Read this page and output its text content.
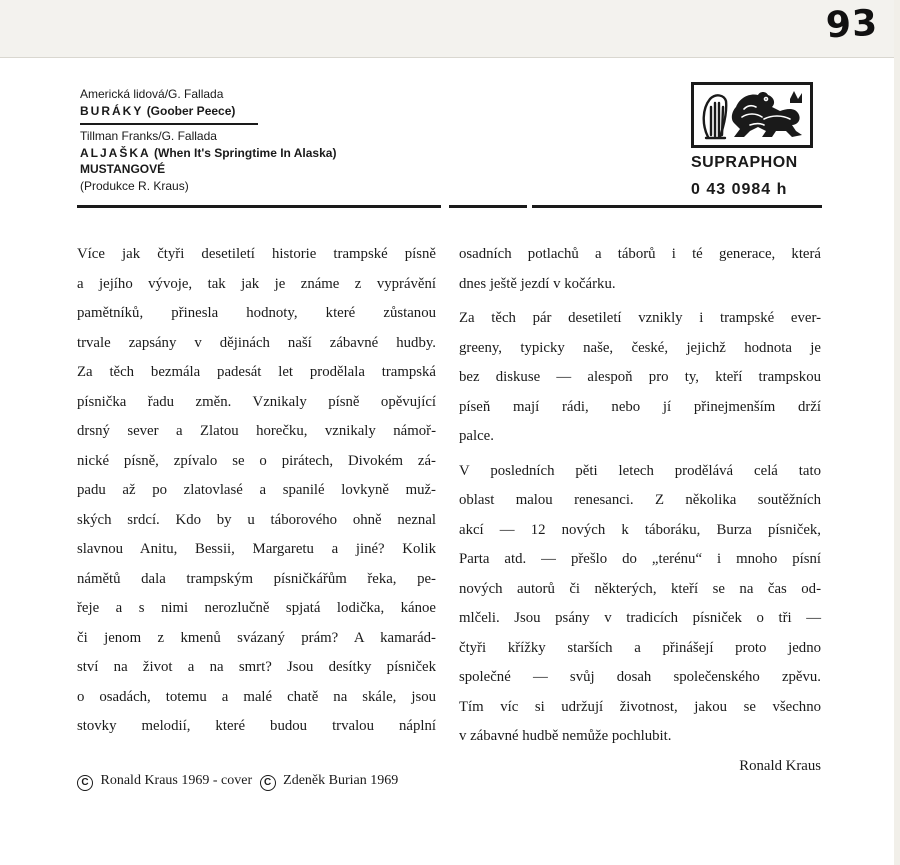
93
Americká lidová/G. Fallada
BURÁKY (Goober Peece)
Tillman Franks/G. Fallada
ALJAŠKA (When It's Springtime In Alaska)
MUSTANGOVÉ
(Produkce R. Kraus)
SUPRAPHON
0 43 0984 h
Více jak čtyři desetiletí historie trampské písně
a jejího vývoje, tak jak je známe z vyprávění
pamětníků, přinesla hodnoty, které zůstanou
trvale zapsány v dějinách naší zábavné hudby.
Za těch bezmála padesát let prodělala trampská
písnička řadu změn. Vznikaly písně opěvující
drsný sever a Zlatou horečku, vznikaly námoř-
nické písně, zpívalo se o pirátech, Divokém zá-
padu až po zlatovlasé a spanilé lovkyně muž-
ských srdcí. Kdo by u táborového ohně neznal
slavnou Anitu, Bessii, Margaretu a jiné? Kolik
námětů dala trampským písničkářům řeka, pe-
řeje a s nimi nerozlučně spjatá lodička, kánoe
či jenom z kmenů svázaný prám? A kamarád-
ství na život a na smrt? Jsou desítky písniček
o osadách, totemu a malé chatě na skále, jsou
stovky melodií, které budou trvalou náplní
osadních potlachů a táborů i té generace, která
dnes ještě jezdí v kočárku.
Za těch pár desetiletí vznikly i trampské ever-
greeny, typicky naše, české, jejichž hodnota je
bez diskuse — alespoň pro ty, kteří trampskou
píseň mají rádi, nebo jí přinejmenším drží
palce.
V posledních pěti letech prodělává celá tato
oblast malou renesanci. Z několika soutěžních
akcí — 12 nových k táboráku, Burza písniček,
Parta atd. — přešlo do „terénu“ i mnoho písní
nových autorů či některých, kteří se na čas od-
mlčeli. Jsou psány v tradicích písniček o tři —
čtyři křížky starších a přinášejí proto jedno
společné — svůj dosah společenského zpěvu.
Tím víc si udržují životnost, jakou se všechno
v zábavné hudbě nemůže pochlubit.
Ronald Kraus
C Ronald Kraus 1969 - cover C Zdeněk Burian 1969
